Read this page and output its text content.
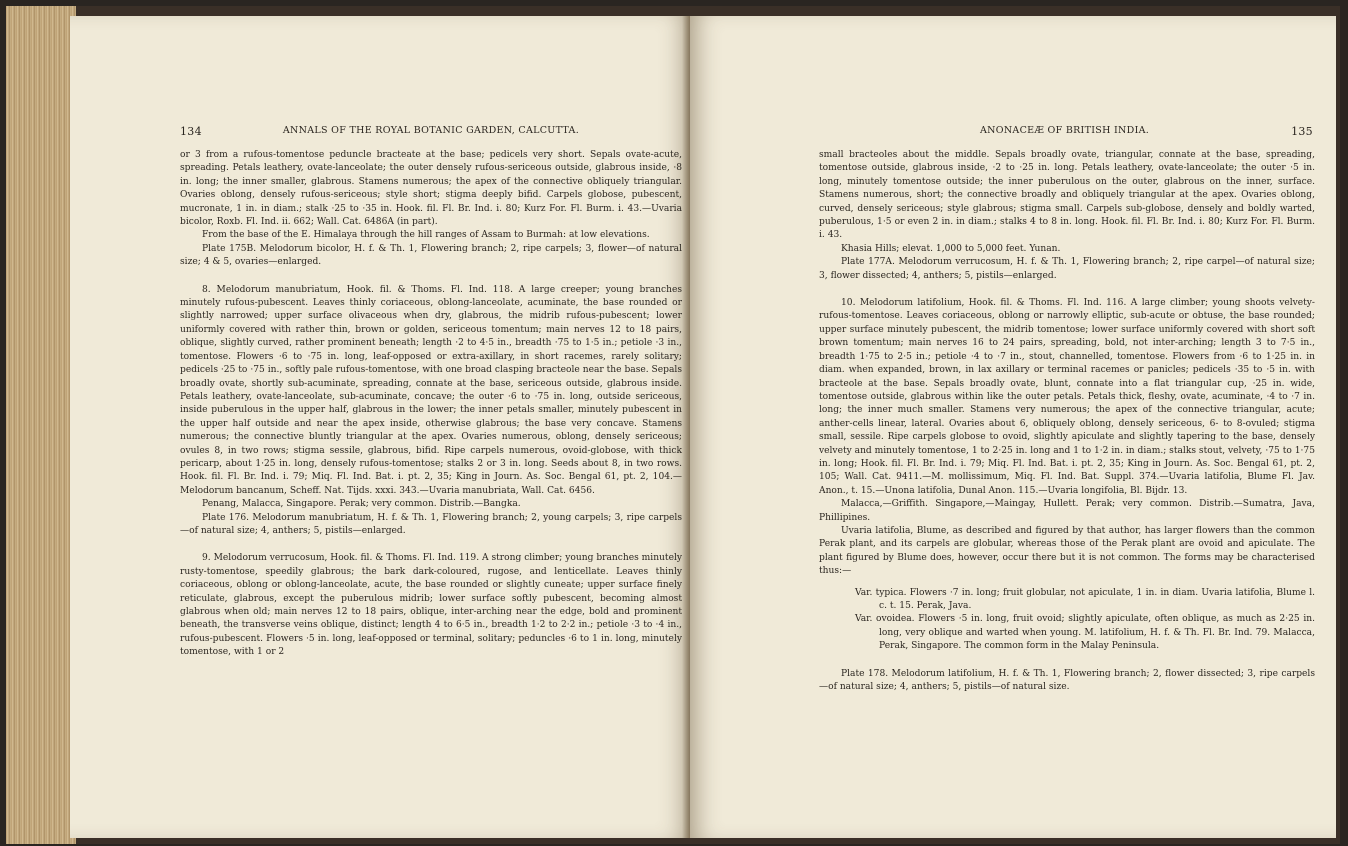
134	ANNALS OF THE ROYAL BOTANIC GARDEN, CALCUTTA.

or 3 from a rufous-tomentose peduncle bracteate at the base; pedicels very short. Sepals ovate-acute, spreading. Petals leathery, ovate-lanceolate; the outer densely rufous-sericeous outside, glabrous inside, ·8 in. long; the inner smaller, glabrous. Stamens numerous; the apex of the connective obliquely triangular. Ovaries oblong, densely rufous-sericeous; style short; stigma deeply bifid. Carpels globose, pubescent, mucronate, 1 in. in diam.; stalk ·25 to ·35 in. Hook. fil. Fl. Br. Ind. i. 80; Kurz For. Fl. Burm. i. 43.—Uvaria bicolor, Roxb. Fl. Ind. ii. 662; Wall. Cat. 6486A (in part).

From the base of the E. Himalaya through the hill ranges of Assam to Burmah: at low elevations.

Plate 175B. Melodorum bicolor, H. f. & Th. 1, Flowering branch; 2, ripe carpels; 3, flower—of natural size; 4 & 5, ovaries—enlarged.

8. Melodorum manubriatum, Hook. fil. & Thoms. Fl. Ind. 118. A large creeper; young branches minutely rufous-pubescent. Leaves thinly coriaceous, oblong-lanceolate, acuminate, the base rounded or slightly narrowed; upper surface olivaceous when dry, glabrous, the midrib rufous-pubescent; lower uniformly covered with rather thin, brown or golden, sericeous tomentum; main nerves 12 to 18 pairs, oblique, slightly curved, rather prominent beneath; length ·2 to 4·5 in., breadth ·75 to 1·5 in.; petiole ·3 in., tomentose. Flowers ·6 to ·75 in. long, leaf-opposed or extra-axillary, in short racemes, rarely solitary; pedicels ·25 to ·75 in., softly pale rufous-tomentose, with one broad clasping bracteole near the base. Sepals broadly ovate, shortly sub-acuminate, spreading, connate at the base, sericeous outside, glabrous inside. Petals leathery, ovate-lanceolate, sub-acuminate, concave; the outer ·6 to ·75 in. long, outside sericeous, inside puberulous in the upper half, glabrous in the lower; the inner petals smaller, minutely pubescent in the upper half outside and near the apex inside, otherwise glabrous; the base very concave. Stamens numerous; the connective bluntly triangular at the apex. Ovaries numerous, oblong, densely sericeous; ovules 8, in two rows; stigma sessile, glabrous, bifid. Ripe carpels numerous, ovoid-globose, with thick pericarp, about 1·25 in. long, densely rufous-tomentose; stalks 2 or 3 in. long. Seeds about 8, in two rows. Hook. fil. Fl. Br. Ind. i. 79; Miq. Fl. Ind. Bat. i. pt. 2, 35; King in Journ. As. Soc. Bengal 61, pt. 2, 104.—Melodorum bancanum, Scheff. Nat. Tijds. xxxi. 343.—Uvaria manubriata, Wall. Cat. 6456.

Penang, Malacca, Singapore. Perak; very common. Distrib.—Bangka.

Plate 176. Melodorum manubriatum, H. f. & Th. 1, Flowering branch; 2, young carpels; 3, ripe carpels—of natural size; 4, anthers; 5, pistils—enlarged.

9. Melodorum verrucosum, Hook. fil. & Thoms. Fl. Ind. 119. A strong climber; young branches minutely rusty-tomentose, speedily glabrous; the bark dark-coloured, rugose, and lenticellate. Leaves thinly coriaceous, oblong or oblong-lanceolate, acute, the base rounded or slightly cuneate; upper surface finely reticulate, glabrous, except the puberulous midrib; lower surface softly pubescent, becoming almost glabrous when old; main nerves 12 to 18 pairs, oblique, inter-arching near the edge, bold and prominent beneath, the transverse veins oblique, distinct; length 4 to 6·5 in., breadth 1·2 to 2·2 in.; petiole ·3 to ·4 in., rufous-pubescent. Flowers ·5 in. long, leaf-opposed or terminal, solitary; peduncles ·6 to 1 in. long, minutely tomentose, with 1 or 2

ANONACEÆ OF BRITISH INDIA.	135

small bracteoles about the middle. Sepals broadly ovate, triangular, connate at the base, spreading, tomentose outside, glabrous inside, ·2 to ·25 in. long. Petals leathery, ovate-lanceolate; the outer ·5 in. long, minutely tomentose outside; the inner puberulous on the outer, glabrous on the inner, surface. Stamens numerous, short; the connective broadly and obliquely triangular at the apex. Ovaries oblong, curved, densely sericeous; style glabrous; stigma small. Carpels sub-globose, densely and boldly warted, puberulous, 1·5 or even 2 in. in diam.; stalks 4 to 8 in. long. Hook. fil. Fl. Br. Ind. i. 80; Kurz For. Fl. Burm. i. 43.

Khasia Hills; elevat. 1,000 to 5,000 feet. Yunan.

Plate 177A. Melodorum verrucosum, H. f. & Th. 1, Flowering branch; 2, ripe carpel—of natural size; 3, flower dissected; 4, anthers; 5, pistils—enlarged.

10. Melodorum latifolium, Hook. fil. & Thoms. Fl. Ind. 116. A large climber; young shoots velvety-rufous-tomentose. Leaves coriaceous, oblong or narrowly elliptic, sub-acute or obtuse, the base rounded; upper surface minutely pubescent, the midrib tomentose; lower surface uniformly covered with short soft brown tomentum; main nerves 16 to 24 pairs, spreading, bold, not inter-arching; length 3 to 7·5 in., breadth 1·75 to 2·5 in.; petiole ·4 to ·7 in., stout, channelled, tomentose. Flowers from ·6 to 1·25 in. in diam. when expanded, brown, in lax axillary or terminal racemes or panicles; pedicels ·35 to ·5 in. with bracteole at the base. Sepals broadly ovate, blunt, connate into a flat triangular cup, ·25 in. wide, tomentose outside, glabrous within like the outer petals. Petals thick, fleshy, ovate, acuminate, ·4 to ·7 in. long; the inner much smaller. Stamens very numerous; the apex of the connective triangular, acute; anther-cells linear, lateral. Ovaries about 6, obliquely oblong, densely sericeous, 6- to 8-ovuled; stigma small, sessile. Ripe carpels globose to ovoid, slightly apiculate and slightly tapering to the base, densely velvety and minutely tomentose, 1 to 2·25 in. long and 1 to 1·2 in. in diam.; stalks stout, velvety, ·75 to 1·75 in. long; Hook. fil. Fl. Br. Ind. i. 79; Miq. Fl. Ind. Bat. i. pt. 2, 35; King in Journ. As. Soc. Bengal 61, pt. 2, 105; Wall. Cat. 9411.—M. mollissimum, Miq. Fl. Ind. Bat. Suppl. 374.—Uvaria latifolia, Blume Fl. Jav. Anon., t. 15.—Unona latifolia, Dunal Anon. 115.—Uvaria longifolia, Bl. Bijdr. 13.

Malacca,—Griffith. Singapore,—Maingay, Hullett. Perak; very common. Distrib.—Sumatra, Java, Phillipines.

Uvaria latifolia, Blume, as described and figured by that author, has larger flowers than the common Perak plant, and its carpels are globular, whereas those of the Perak plant are ovoid and apiculate. The plant figured by Blume does, however, occur there but it is not common. The forms may be characterised thus:—

Var. typica. Flowers ·7 in. long; fruit globular, not apiculate, 1 in. in diam. Uvaria latifolia, Blume l. c. t. 15. Perak, Java.

Var. ovoidea. Flowers ·5 in. long, fruit ovoid; slightly apiculate, often oblique, as much as 2·25 in. long, very oblique and warted when young. M. latifolium, H. f. & Th. Fl. Br. Ind. 79. Malacca, Perak, Singapore. The common form in the Malay Peninsula.

Plate 178. Melodorum latifolium, H. f. & Th. 1, Flowering branch; 2, flower dissected; 3, ripe carpels—of natural size; 4, anthers; 5, pistils—of natural size.
